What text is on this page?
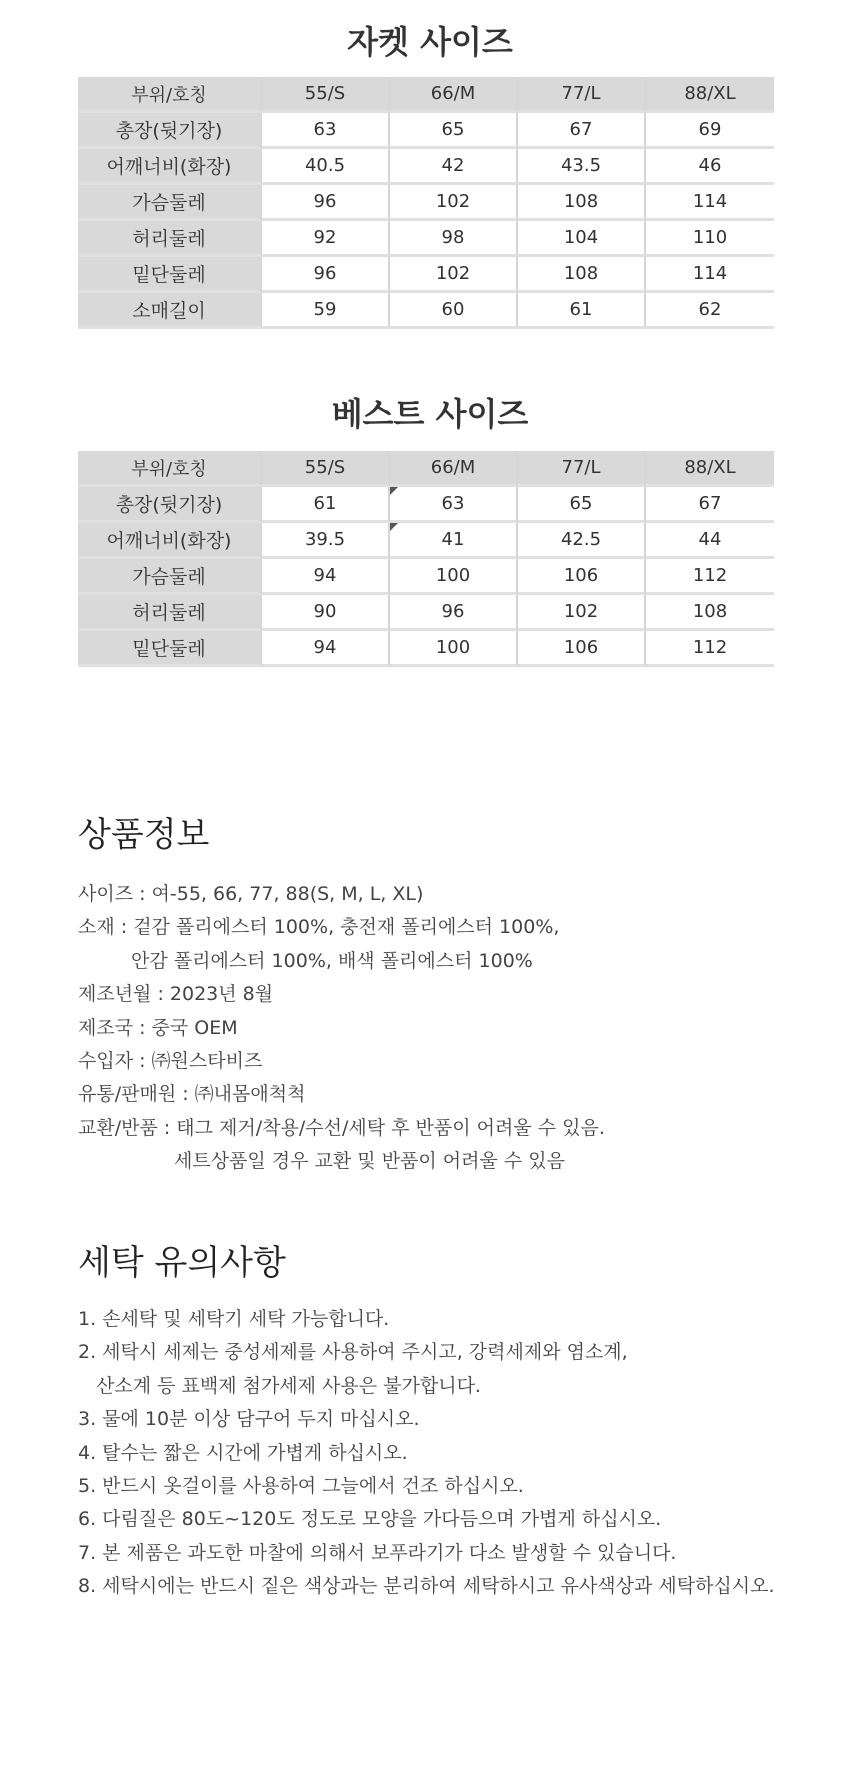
자켓 사이즈
부위/호칭	55/S	66/M	77/L	88/XL
총장(뒷기장)	63	65	67	69
어깨너비(화장)	40.5	42	43.5	46
가슴둘레	96	102	108	114
허리둘레	92	98	104	110
밑단둘레	96	102	108	114
소매길이	59	60	61	62
베스트 사이즈
부위/호칭	55/S	66/M	77/L	88/XL
총장(뒷기장)	61	63	65	67
어깨너비(화장)	39.5	41	42.5	44
가슴둘레	94	100	106	112
허리둘레	90	96	102	108
밑단둘레	94	100	106	112
상품정보
사이즈 : 여-55, 66, 77, 88(S, M, L, XL)
소재 : 겉감 폴리에스터 100%, 충전재 폴리에스터 100%,
안감 폴리에스터 100%, 배색 폴리에스터 100%
제조년월 : 2023년 8월
제조국 : 중국 OEM
수입자 : ㈜원스타비즈
유통/판매원 : ㈜내몸애척척
교환/반품 : 태그 제거/착용/수선/세탁 후 반품이 어려울 수 있음.
세트상품일 경우 교환 및 반품이 어려울 수 있음
세탁 유의사항
1. 손세탁 및 세탁기 세탁 가능합니다.
2. 세탁시 세제는 중성세제를 사용하여 주시고, 강력세제와 염소계,
산소계 등 표백제 첨가세제 사용은 불가합니다.
3. 물에 10분 이상 담구어 두지 마십시오.
4. 탈수는 짧은 시간에 가볍게 하십시오.
5. 반드시 옷걸이를 사용하여 그늘에서 건조 하십시오.
6. 다림질은 80도~120도 정도로 모양을 가다듬으며 가볍게 하십시오.
7. 본 제품은 과도한 마찰에 의해서 보푸라기가 다소 발생할 수 있습니다.
8. 세탁시에는 반드시 짙은 색상과는 분리하여 세탁하시고 유사색상과 세탁하십시오.
